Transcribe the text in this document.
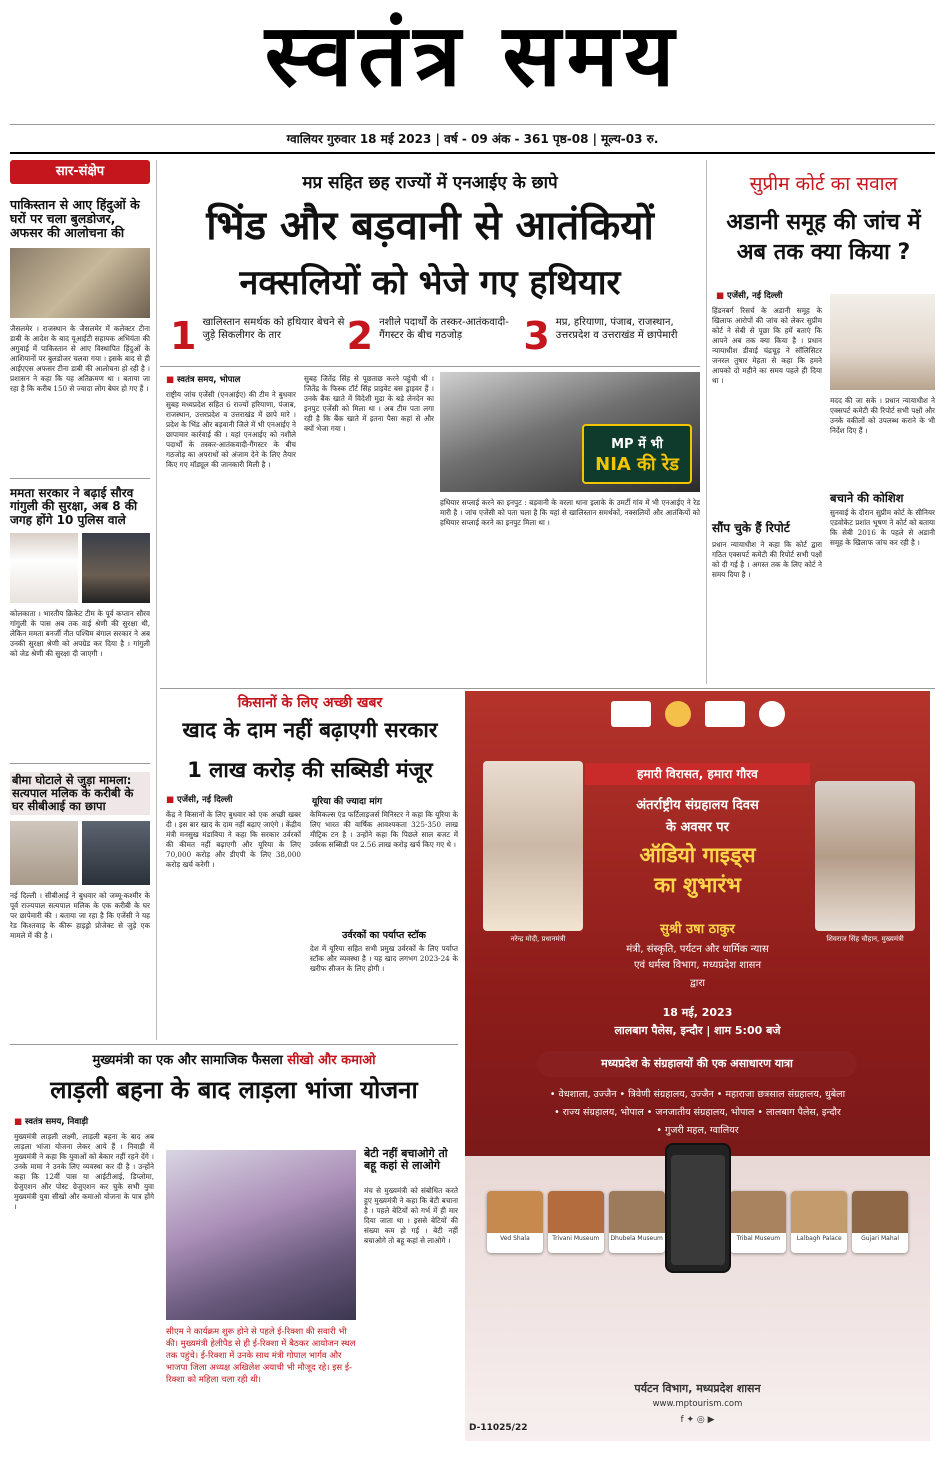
स्वतंत्र समय
ग्वालियर गुरुवार 18 मई 2023 | वर्ष - 09 अंक - 361 पृष्ठ-08 | मूल्य-03 रु.
सार-संक्षेप
पाकिस्तान से आए हिंदुओं के घरों पर चला बुलडोजर, अफसर की आलोचना की
जैसलमेर । राजस्थान के जैसलमेर में कलेक्टर टीना डाबी के आदेश के बाद यूआईटी सहायक अभियंता की अगुवाई में पाकिस्तान से आए विस्थापित हिंदुओं के आशियानों पर बुलडोजर चलवा गया । इसके बाद से ही आईएएस अफसर टीना डाबी की आलोचना हो रही है । प्रशासन ने कहा कि यह अतिक्रमण था । बताया जा रहा है कि करीब 150 से ज्यादा लोग बेघर हो गए हैं ।
ममता सरकार ने बढ़ाई सौरव गांगुली की सुरक्षा, अब 8 की जगह होंगे 10 पुलिस वाले
कोलकाता । भारतीय क्रिकेट टीम के पूर्व कप्तान सौरव गांगुली के पास अब तक वाई श्रेणी की सुरक्षा थी, लेकिन ममता बनर्जी नीत पश्चिम बंगाल सरकार ने अब उनकी सुरक्षा श्रेणी को अपग्रेड कर दिया है । गांगुली को जेड श्रेणी की सुरक्षा दी जाएगी ।
बीमा घोटाले से जुड़ा मामला: सत्यपाल मलिक के करीबी के घर सीबीआई का छापा
नई दिल्ली । सीबीआई ने बुधवार को जम्मू-कश्मीर के पूर्व राज्यपाल सत्यपाल मलिक के एक करीबी के घर पर छापेमारी की । बताया जा रहा है कि एजेंसी ने यह रेड किश्तवाड़ के कीरू हाइड्रो प्रोजेक्ट से जुड़े एक मामले में की है ।
मप्र सहित छह राज्यों में एनआईए के छापे
भिंड और बड़वानी से आतंकियों
नक्सलियों को भेजे गए हथियार
1 खालिस्तान समर्थक को हथियार बेचने से जुड़े सिकलीगर के तार	2 नशीले पदार्थों के तस्कर-आतंकवादी-गैंगस्टर के बीच गठजोड़	3 मप्र, हरियाणा, पंजाब, राजस्थान, उत्तरप्रदेश व उत्तराखंड में छापेमारी
■ स्वतंत्र समय, भोपाल
राष्ट्रीय जांच एजेंसी (एनआईए) की टीम ने बुधवार सुबह मध्यप्रदेश सहित 6 राज्यों हरियाणा, पंजाब, राजस्थान, उत्तरप्रदेश व उत्तराखंड में छापे मारे । प्रदेश के भिंड और बड़वानी जिले में भी एनआईए ने छापामार कार्रवाई की । यहां एनआईए को नशीले पदार्थों के तस्कर-आतंकवादी-गैंगस्टर के बीच गठजोड़ का अपराधों को अंजाम देने के लिए तैयार किए गए मॉड्यूल की जानकारी मिली है ।
सुबह जितेंद्र सिंह से पूछताछ करने पहुंची थी । जितेंद्र के फिस्क टॉर्ट सिंह प्राइवेट बस ड्राइवर हैं । उनके बैंक खाते में विदेशी मुद्रा के बड़े लेनदेन का इनपुट एजेंसी को मिला था । अब टीम पता लगा रही है कि बैंक खाते में इतना पैसा कहां से और क्यों भेजा गया ।
MP में भी
NIA की रेड
हथियार सप्लाई करने का इनपुट : बड़वानी के वरला थाना इलाके के उमर्टी गांव में भी एनआईए ने रेड मारी है । जांच एजेंसी को पता चला है कि यहां से खालिस्तान समर्थकों, नक्सलियों और आतंकियों को हथियार सप्लाई करने का इनपुट मिला था ।
सुप्रीम कोर्ट का सवाल
अडानी समूह की जांच में अब तक क्या किया ?
■ एजेंसी, नई दिल्ली
हिंडनबर्ग रिसर्च के अडानी समूह के खिलाफ आरोपों की जांच को लेकर सुप्रीम कोर्ट ने सेबी से पूछा कि हमें बताएं कि आपने अब तक क्या किया है । प्रधान न्यायाधीश डीवाई चंद्रचूड़ ने सॉलिसिटर जनरल तुषार मेहता से कहा कि हमने आपको दो महीने का समय पहले ही दिया था ।
सौंप चुके हैं रिपोर्ट
प्रधान न्यायाधीश ने कहा कि कोर्ट द्वारा गठित एक्सपर्ट कमेटी की रिपोर्ट सभी पक्षों को दी गई है । अगस्त तक के लिए कोर्ट ने समय दिया है ।
मदद की जा सके । प्रधान न्यायाधीश ने एक्सपर्ट कमेटी की रिपोर्ट सभी पक्षों और उनके वकीलों को उपलब्ध कराने के भी निर्देश दिए हैं ।
बचाने की कोशिश
सुनवाई के दौरान सुप्रीम कोर्ट के सीनियर एडवोकेट प्रशांत भूषण ने कोर्ट को बताया कि सेबी 2016 के पहले से अडानी समूह के खिलाफ जांच कर रही है ।
किसानों के लिए अच्छी खबर
खाद के दाम नहीं बढ़ाएगी सरकार
1 लाख करोड़ की सब्सिडी मंजूर
■ एजेंसी, नई दिल्ली	यूरिया की ज्यादा मांग
केंद्र ने किसानों के लिए बुधवार को एक अच्छी खबर दी । इस बार खाद के दाम नहीं बढ़ाए जाएंगे । केंद्रीय मंत्री मनसुख मंडाविया ने कहा कि सरकार उर्वरकों की कीमत नहीं बढ़ाएगी और यूरिया के लिए 70,000 करोड़ और डीएपी के लिए 38,000 करोड़ खर्च करेगी ।
केमिकल्स एंड फर्टिलाइजर्स मिनिस्टर ने कहा कि यूरिया के लिए भारत की वार्षिक आवश्यकता 325-350 लाख मीट्रिक टन है । उन्होंने कहा कि पिछले साल बजट में उर्वरक सब्सिडी पर 2.56 लाख करोड़ खर्च किए गए थे ।
उर्वरकों का पर्याप्त स्टॉक
देश में यूरिया सहित सभी प्रमुख उर्वरकों के लिए पर्याप्त स्टॉक और व्यवस्था है । यह खाद लगभग 2023-24 के खरीफ सीजन के लिए होगी ।
मुख्यमंत्री का एक और सामाजिक फैसला सीखो और कमाओ
लाड़ली बहना के बाद लाड़ला भांजा योजना
■ स्वतंत्र समय, निवाड़ी
मुख्यमंत्री लाड़ली लक्ष्मी, लाड़ली बहना के बाद अब लाड़ला भांजा योजना लेकर आये हैं । निवाड़ी में मुख्यमंत्री ने कहा कि युवाओं को बेकार नहीं रहने देंगे । उनके मामा ने उनके लिए व्यवस्था कर दी है । उन्होंने कहा कि 12वीं पास या आईटीआई, डिप्लोमा, ग्रेजुएशन और पोस्ट ग्रेजुएशन कर चुके सभी युवा मुख्यमंत्री युवा सीखो और कमाओ योजना के पात्र होंगे ।
सीएम ने कार्यक्रम शुरू होने से पहले ई-रिक्शा की सवारी भी की। मुख्यमंत्री हेलीपैड से ही ई-रिक्शा में बैठकर आयोजन स्थल तक पहुंचे। ई-रिक्शा में उनके साथ मंत्री गोपाल भार्गव और भाजपा जिला अध्यक्ष अखिलेश अयाची भी मौजूद रहे। इस ई-रिक्शा को महिला चला रही थी।
बेटी नहीं बचाओगे तो बहू कहां से लाओगे
मंच से मुख्यमंत्री को संबोधित करते हुए मुख्यमंत्री ने कहा कि बेटी बचाना है । पहले बेटियों को गर्भ में ही मार दिया जाता था । इससे बेटियों की संख्या कम हो गई । बेटी नहीं बचाओगे तो बहू कहां से लाओगे ।
हमारी विरासत, हमारा गौरव
अंतर्राष्ट्रीय संग्रहालय दिवस
के अवसर पर
ऑडियो गाइड्स
का शुभारंभ
नरेन्द्र मोदी, प्रधानमंत्री	शिवराज सिंह चौहान, मुख्यमंत्री
सुश्री उषा ठाकुर
मंत्री, संस्कृति, पर्यटन और धार्मिक न्यास
एवं धर्मस्व विभाग, मध्यप्रदेश शासन
द्वारा
18 मई, 2023
लालबाग पैलेस, इन्दौर | शाम 5:00 बजे
मध्यप्रदेश के संग्रहालयों की एक असाधारण यात्रा
• वेधशाला, उज्जैन • त्रिवेणी संग्रहालय, उज्जैन • महाराजा छत्रसाल संग्रहालय, धुबेला
• राज्य संग्रहालय, भोपाल • जनजातीय संग्रहालय, भोपाल • लालबाग पैलेस, इन्दौर
• गुजरी महल, ग्वालियर
Ved Shala	Trivani Museum	Dhubela Museum	Tribal Museum	Lalbagh Palace	Gujari Mahal
पर्यटन विभाग, मध्यप्रदेश शासन
www.mptourism.com
f ✦ ◎ ▶
D-11025/22
